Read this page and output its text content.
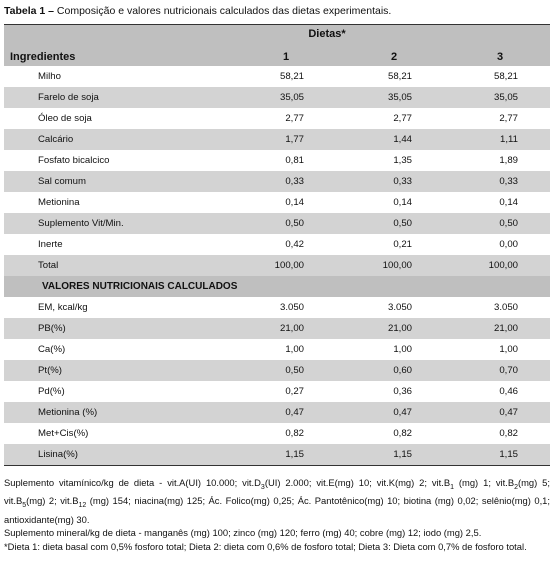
Tabela 1 – Composição e valores nutricionais calculados das dietas experimentais.
Dietas*
Ingredientes	1	2	3
Milho	58,21	58,21	58,21
Farelo de soja	35,05	35,05	35,05
Óleo de soja	2,77	2,77	2,77
Calcário	1,77	1,44	1,11
Fosfato bicalcico	0,81	1,35	1,89
Sal comum	0,33	0,33	0,33
Metionina	0,14	0,14	0,14
Suplemento Vit/Min.	0,50	0,50	0,50
Inerte	0,42	0,21	0,00
Total	100,00	100,00	100,00
VALORES NUTRICIONAIS CALCULADOS
EM, kcal/kg	3.050	3.050	3.050
PB(%)	21,00	21,00	21,00
Ca(%)	1,00	1,00	1,00
Pt(%)	0,50	0,60	0,70
Pd(%)	0,27	0,36	0,46
Metionina (%)	0,47	0,47	0,47
Met+Cis(%)	0,82	0,82	0,82
Lisina(%)	1,15	1,15	1,15

Suplemento vitamínico/kg de dieta - vit.A(UI) 10.000; $vit.D_3(UI)$ 2.000; vit.E(mg) 10; vit.K(mg) 2; $vit.B_1$ (mg) 1; $vit.B_2(mg)$ 5; $vit.B_5(mg)$ 2; $vit.B_{12}$ (mg) 154; niacina(mg) 125; Ác. Folico(mg) 0,25; Ác. Pantotênico(mg) 10; biotina (mg) 0,02; selênio(mg) 0,1; antioxidante(mg) 30.

Suplemento mineral/kg de dieta - manganês (mg) 100; zinco (mg) 120; ferro (mg) 40; cobre (mg) 12; iodo (mg) 2,5.

*Dieta 1: dieta basal com 0,5% fosforo total; Dieta 2: dieta com 0,6% de fosforo total; Dieta 3: Dieta com 0,7% de fosforo total.
